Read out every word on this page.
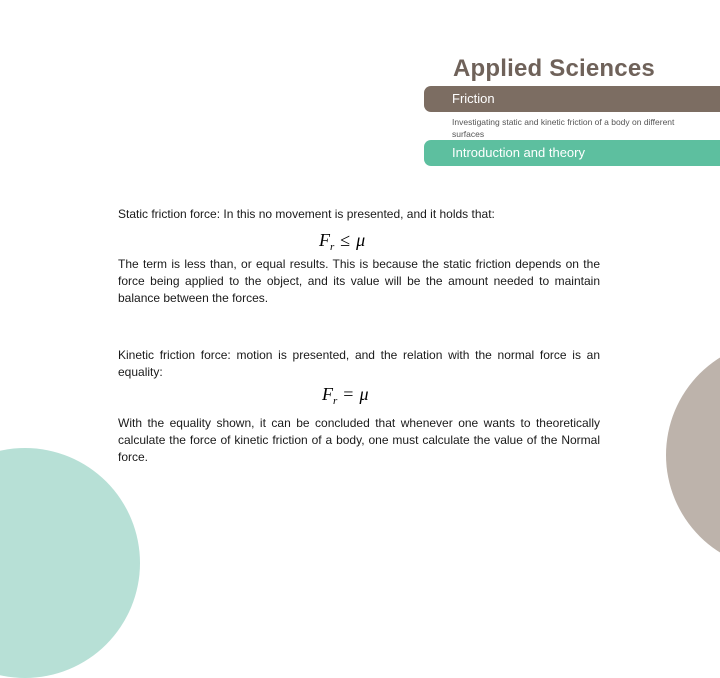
Applied Sciences
Friction
Investigating static and kinetic friction of a body on different surfaces
Introduction and theory

Static friction force: In this no movement is presented, and it holds that:

$F_r \le \mu$

The term is less than, or equal results. This is because the static friction depends on the force being applied to the object, and its value will be the amount needed to maintain balance between the forces.

Kinetic friction force: motion is presented, and the relation with the normal force is an equality:

$F_r = \mu$

With the equality shown, it can be concluded that whenever one wants to theoretically calculate the force of kinetic friction of a body, one must calculate the value of the Normal force.
